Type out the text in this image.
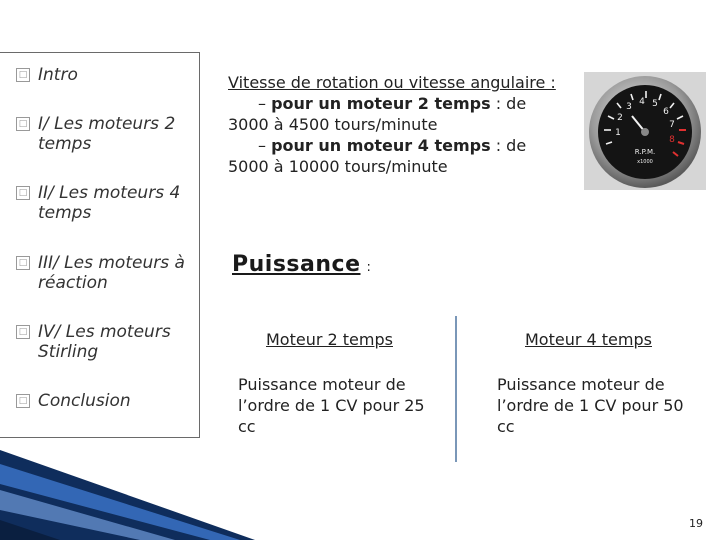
□ Intro
□ I/ Les moteurs 2 temps
□ II/ Les moteurs 4 temps
□ III/ Les moteurs à réaction
□ IV/ Les moteurs Stirling
□ Conclusion
Vitesse de rotation ou vitesse angulaire :
– pour un moteur 2 temps : de
3000 à 4500 tours/minute
– pour un moteur 4 temps : de
5000 à 10000 tours/minute
1
2
3 4 5
6
7
8
R.P.M.
x1000
Puissance :
Moteur 2 temps
Puissance moteur de l’ordre de 1 CV pour 25 cc
Moteur 4 temps
Puissance moteur de l’ordre de 1 CV pour 50 cc
19
